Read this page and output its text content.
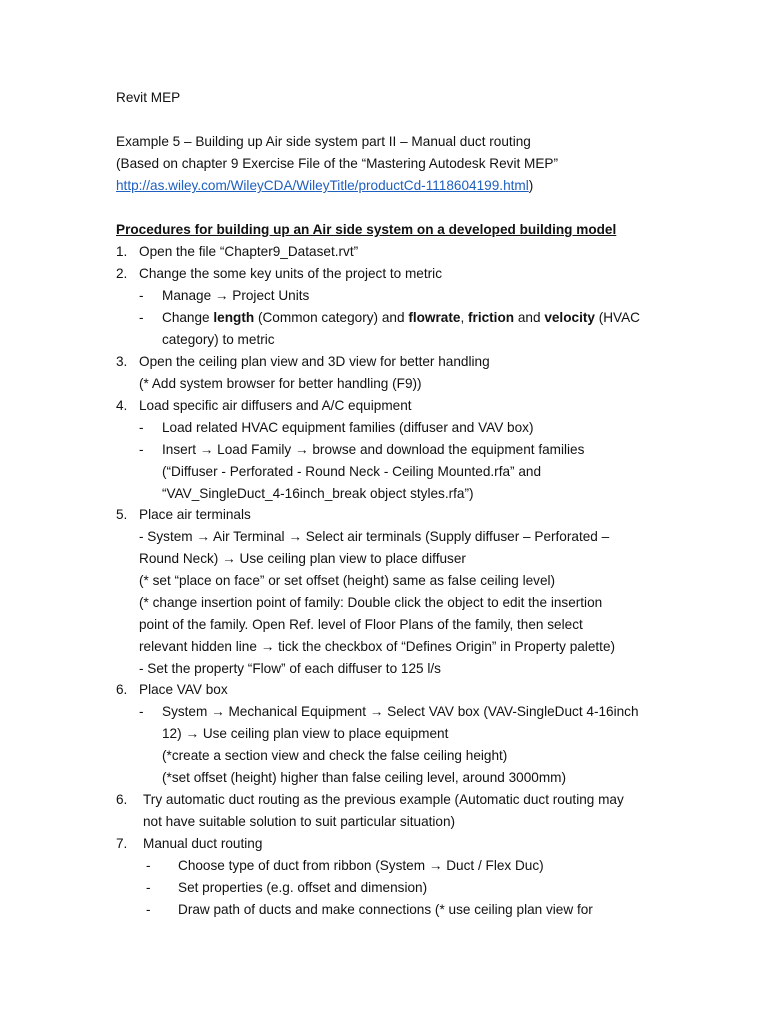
Revit MEP
Example 5 – Building up Air side system part II – Manual duct routing
(Based on chapter 9 Exercise File of the “Mastering Autodesk Revit MEP”
http://as.wiley.com/WileyCDA/WileyTitle/productCd-1118604199.html)
Procedures for building up an Air side system on a developed building model
1. Open the file “Chapter9_Dataset.rvt”
2. Change the some key units of the project to metric
- Manage → Project Units
- Change length (Common category) and flowrate, friction and velocity (HVAC
category) to metric
3. Open the ceiling plan view and 3D view for better handling
(* Add system browser for better handling (F9))
4. Load specific air diffusers and A/C equipment
- Load related HVAC equipment families (diffuser and VAV box)
- Insert → Load Family → browse and download the equipment families
(“Diffuser - Perforated - Round Neck - Ceiling Mounted.rfa” and
“VAV_SingleDuct_4-16inch_break object styles.rfa”)
5. Place air terminals
- System → Air Terminal → Select air terminals (Supply diffuser – Perforated –
Round Neck) → Use ceiling plan view to place diffuser
(* set “place on face” or set offset (height) same as false ceiling level)
(* change insertion point of family: Double click the object to edit the insertion
point of the family. Open Ref. level of Floor Plans of the family, then select
relevant hidden line → tick the checkbox of “Defines Origin” in Property palette)
- Set the property “Flow” of each diffuser to 125 l/s
6. Place VAV box
- System → Mechanical Equipment → Select VAV box (VAV-SingleDuct 4-16inch
12) → Use ceiling plan view to place equipment
(*create a section view and check the false ceiling height)
(*set offset (height) higher than false ceiling level, around 3000mm)
6. Try automatic duct routing as the previous example (Automatic duct routing may
not have suitable solution to suit particular situation)
7. Manual duct routing
- Choose type of duct from ribbon (System → Duct / Flex Duc)
- Set properties (e.g. offset and dimension)
- Draw path of ducts and make connections (* use ceiling plan view for
